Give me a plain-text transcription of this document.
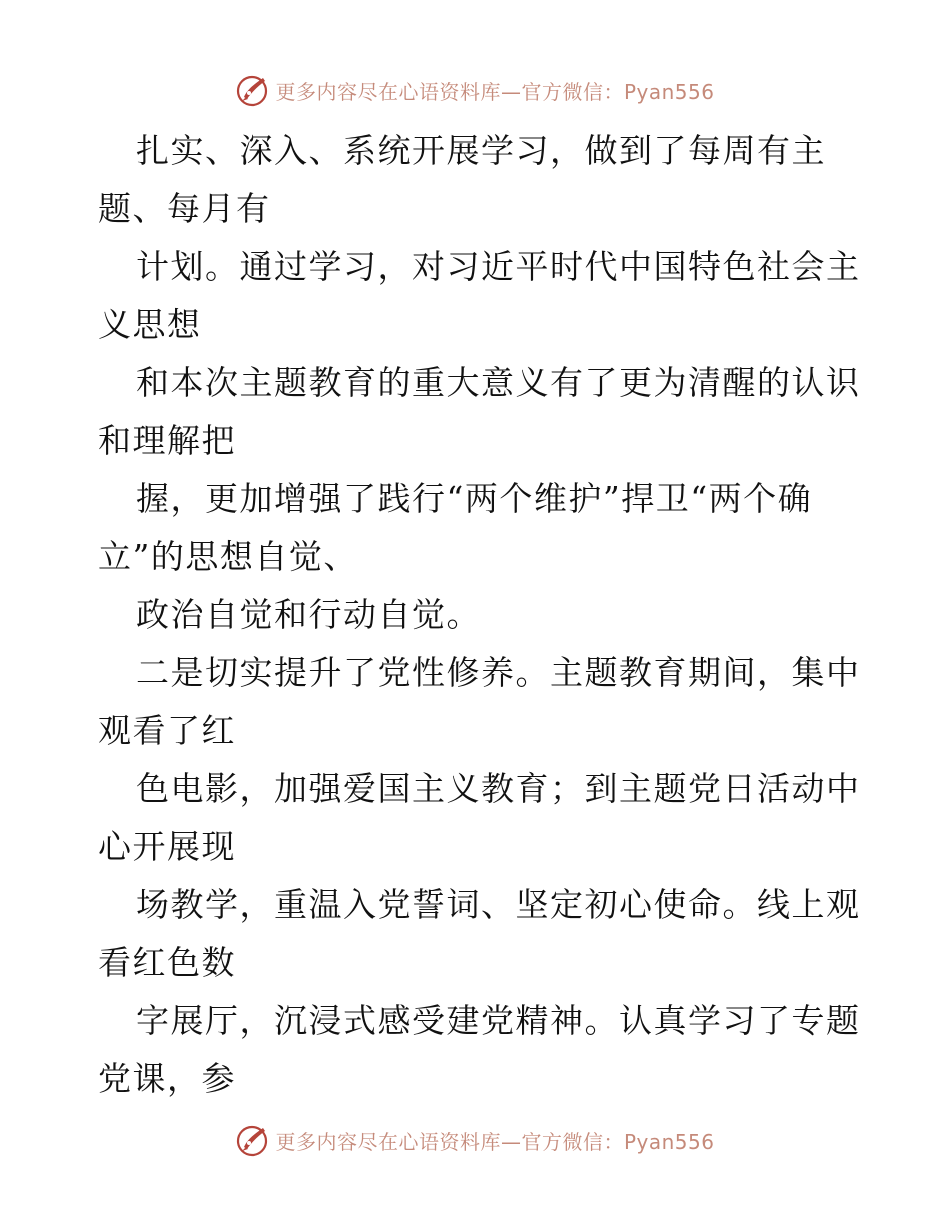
更多内容尽在心语资料库—官方微信：Pyan556
扎实、深入、系统开展学习，做到了每周有主
题、每月有
计划。通过学习，对习近平时代中国特色社会主
义思想
和本次主题教育的重大意义有了更为清醒的认识
和理解把
握，更加增强了践行“两个维护”捍卫“两个确
立”的思想自觉、
政治自觉和行动自觉。
二是切实提升了党性修养。主题教育期间，集中
观看了红
色电影，加强爱国主义教育；到主题党日活动中
心开展现
场教学，重温入党誓词、坚定初心使命。线上观
看红色数
字展厅，沉浸式感受建党精神。认真学习了专题
党课，参
更多内容尽在心语资料库—官方微信：Pyan556
